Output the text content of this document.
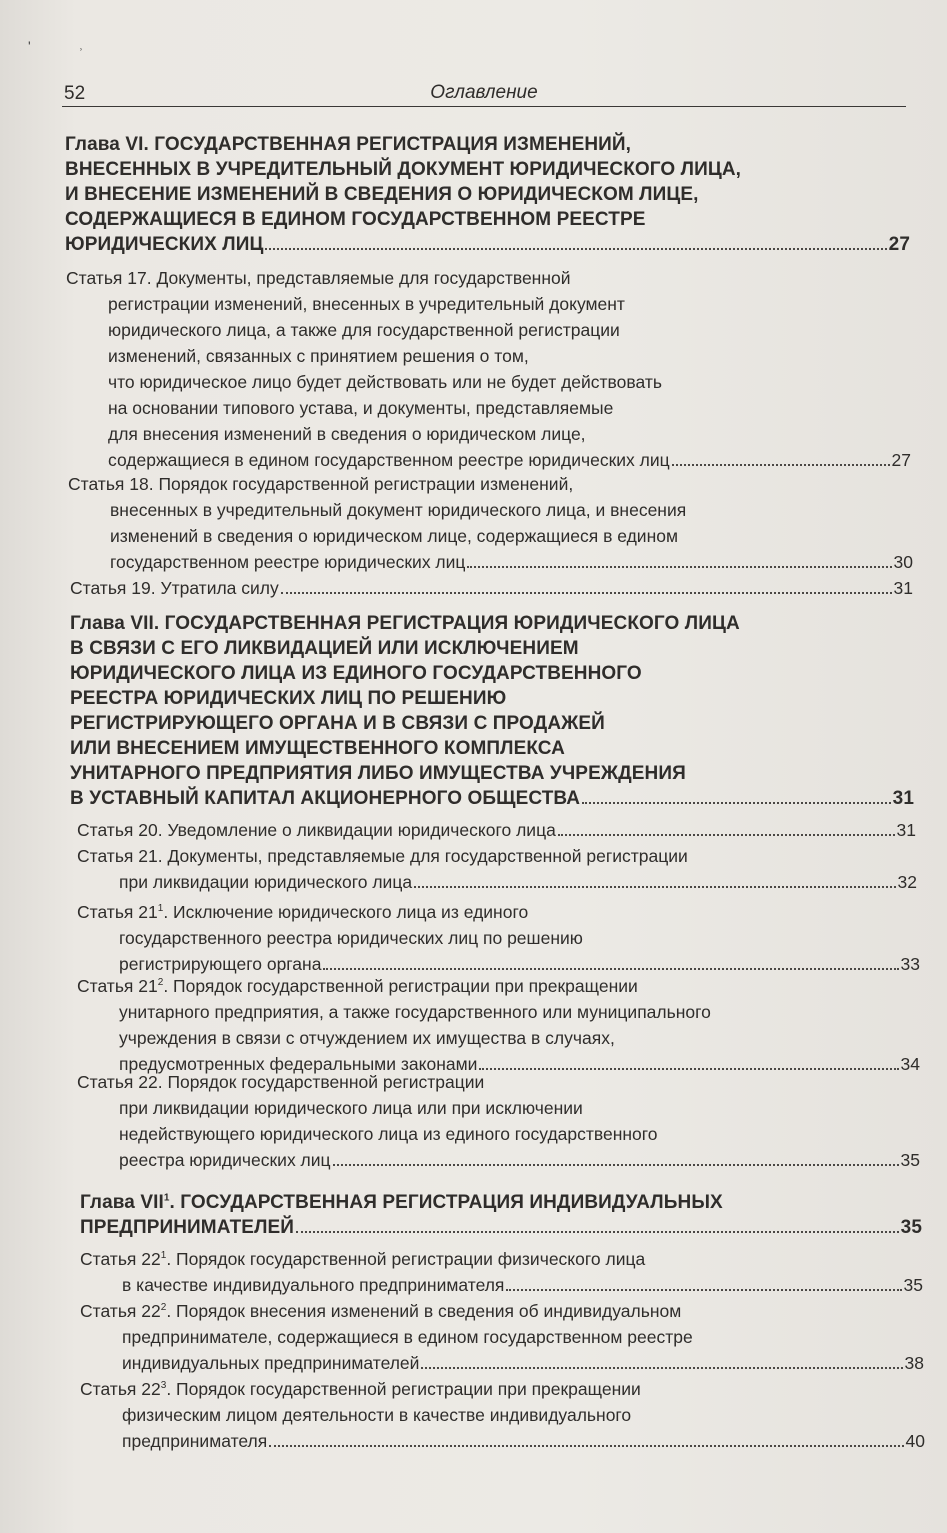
' ˒
52	Оглавление
Глава VI. ГОСУДАРСТВЕННАЯ РЕГИСТРАЦИЯ ИЗМЕНЕНИЙ,
ВНЕСЕННЫХ В УЧРЕДИТЕЛЬНЫЙ ДОКУМЕНТ ЮРИДИЧЕСКОГО ЛИЦА,
И ВНЕСЕНИЕ ИЗМЕНЕНИЙ В СВЕДЕНИЯ О ЮРИДИЧЕСКОМ ЛИЦЕ,
СОДЕРЖАЩИЕСЯ В ЕДИНОМ ГОСУДАРСТВЕННОМ РЕЕСТРЕ
ЮРИДИЧЕСКИХ ЛИЦ	27
Статья 17. Документы, представляемые для государственной
регистрации изменений, внесенных в учредительный документ
юридического лица, а также для государственной регистрации
изменений, связанных с принятием решения о том,
что юридическое лицо будет действовать или не будет действовать
на основании типового устава, и документы, представляемые
для внесения изменений в сведения о юридическом лице,
содержащиеся в едином государственном реестре юридических лиц	27
Статья 18. Порядок государственной регистрации изменений,
внесенных в учредительный документ юридического лица, и внесения
изменений в сведения о юридическом лице, содержащиеся в едином
государственном реестре юридических лиц	30
Статья 19. Утратила силу	31
Глава VII. ГОСУДАРСТВЕННАЯ РЕГИСТРАЦИЯ ЮРИДИЧЕСКОГО ЛИЦА
В СВЯЗИ С ЕГО ЛИКВИДАЦИЕЙ ИЛИ ИСКЛЮЧЕНИЕМ
ЮРИДИЧЕСКОГО ЛИЦА ИЗ ЕДИНОГО ГОСУДАРСТВЕННОГО
РЕЕСТРА ЮРИДИЧЕСКИХ ЛИЦ ПО РЕШЕНИЮ
РЕГИСТРИРУЮЩЕГО ОРГАНА И В СВЯЗИ С ПРОДАЖЕЙ
ИЛИ ВНЕСЕНИЕМ ИМУЩЕСТВЕННОГО КОМПЛЕКСА
УНИТАРНОГО ПРЕДПРИЯТИЯ ЛИБО ИМУЩЕСТВА УЧРЕЖДЕНИЯ
В УСТАВНЫЙ КАПИТАЛ АКЦИОНЕРНОГО ОБЩЕСТВА	31
Статья 20. Уведомление о ликвидации юридического лица	31
Статья 21. Документы, представляемые для государственной регистрации
при ликвидации юридического лица	32
Статья $21^1$. Исключение юридического лица из единого
государственного реестра юридических лиц по решению
регистрирующего органа	33
Статья $21^2$. Порядок государственной регистрации при прекращении
унитарного предприятия, а также государственного или муниципального
учреждения в связи с отчуждением их имущества в случаях,
предусмотренных федеральными законами	34
Статья 22. Порядок государственной регистрации
при ликвидации юридического лица или при исключении
недействующего юридического лица из единого государственного
реестра юридических лиц	35
Глава VII$^1$. ГОСУДАРСТВЕННАЯ РЕГИСТРАЦИЯ ИНДИВИДУАЛЬНЫХ
ПРЕДПРИНИМАТЕЛЕЙ	35
Статья $22^1$. Порядок государственной регистрации физического лица
в качестве индивидуального предпринимателя	35
Статья $22^2$. Порядок внесения изменений в сведения об индивидуальном
предпринимателе, содержащиеся в едином государственном реестре
индивидуальных предпринимателей	38
Статья $22^3$. Порядок государственной регистрации при прекращении
физическим лицом деятельности в качестве индивидуального
предпринимателя	40
